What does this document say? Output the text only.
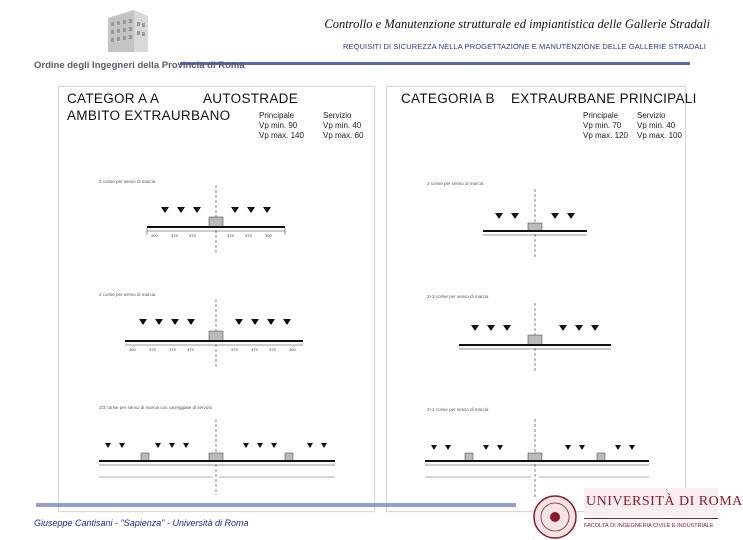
Controllo e Manutenzione strutturale ed impiantistica delle Gallerie Stradali
REQUISITI DI SICUREZZA NELLA PROGETTAZIONE E MANUTENZIONE DELLE GALLERIE STRADALI
Ordine degli Ingegneri della Provincia di Roma
CATEGOR A A	AUTOSTRADE
AMBITO EXTRAURBANO	Principale
Vp min. 90
Vp max. 140
Servizio
Vp min. 40
Vp max. 60
3 corsie per senso di marcia
2 corsie per senso di marcia
2/3 corsie per senso di marcia con carreggiate di servizio
300	375	375	375	375	300
300	375	375	375	375	375	375	300
CATEGORIA B EXTRAURBANE PRINCIPALI
Principale
Vp min. 70
Vp max. 120
Servizio
Vp min. 40
Vp max. 100
2 corsie per senso di marcia
2+3 corsie per senso di marcia
2+2 corsie per senso di marcia
Giuseppe Cantisani - "Sapienza" - Università di Roma
UNIVERSITÀ DI ROMA
FACOLTÀ DI INGEGNERIA CIVILE E INDUSTRIALE
